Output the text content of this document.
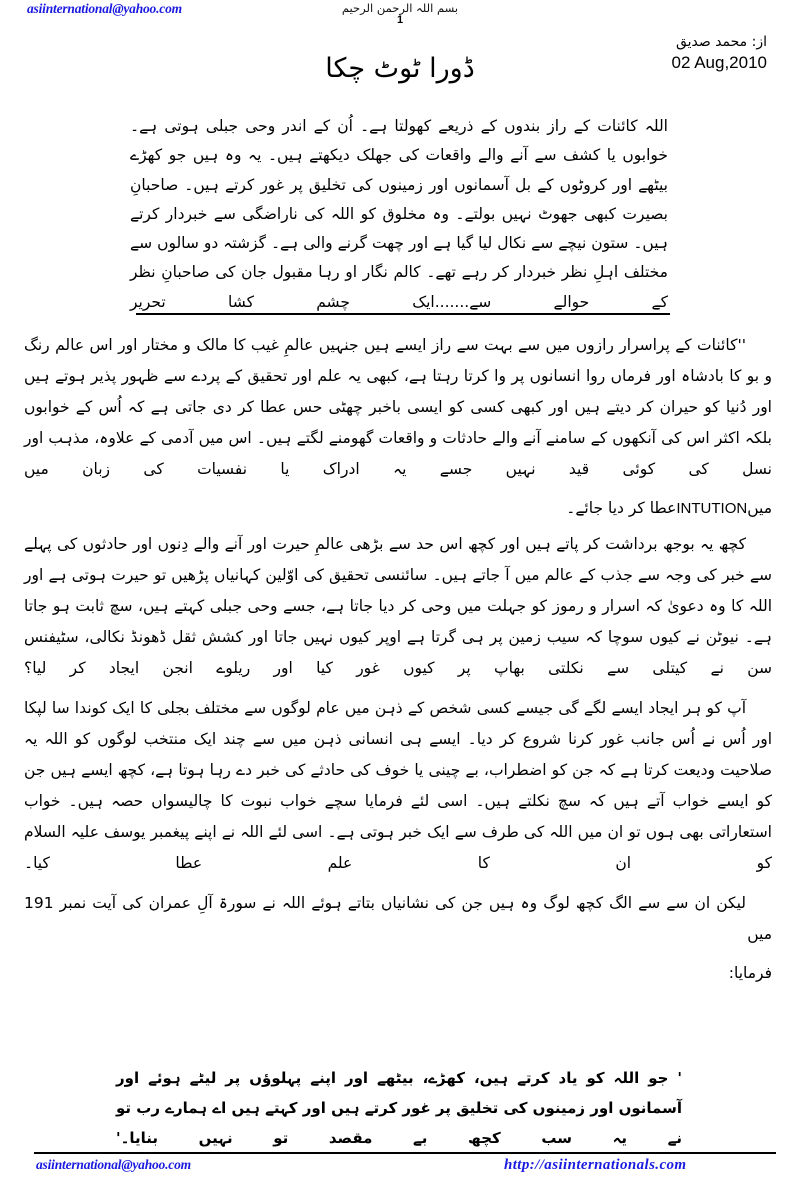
asiinternational@yahoo.com	بسم اللہ الرحمن الرحیم
1
از: محمد صدیق
02 Aug,2010
ڈورا ٹوٹ چکا
اللہ کائنات کے راز بندوں کے ذریعے کھولتا ہے۔ اُن کے اندر وحی جبلی ہوتی ہے۔ خوابوں یا کشف سے آنے والے واقعات کی جھلک دیکھتے ہیں۔ یہ وہ ہیں جو کھڑے بیٹھے اور کروٹوں کے بل آسمانوں اور زمینوں کی تخلیق پر غور کرتے ہیں۔ صاحبانِ بصیرت کبھی جھوٹ نہیں بولتے۔ وہ مخلوق کو اللہ کی ناراضگی سے خبردار کرتے ہیں۔ ستون نیچے سے نکال لیا گیا ہے اور چھت گرنے والی ہے۔ گزشتہ دو سالوں سے مختلف اہلِ نظر خبردار کر رہے تھے۔ کالم نگار او رہا مقبول جان کی صاحبانِ نظر کے حوالے سے.......ایک چشم کشا تحریر

''کائنات کے پراسرار رازوں میں سے بہت سے راز ایسے ہیں جنہیں عالمِ غیب کا مالک و مختار اور اس عالم رنگ و بو کا بادشاہ اور فرماں روا انسانوں پر وا کرتا رہتا ہے، کبھی یہ علم اور تحقیق کے پردے سے ظہور پذیر ہوتے ہیں اور دُنیا کو حیران کر دیتے ہیں اور کبھی کسی کو ایسی باخبر چھٹی حس عطا کر دی جاتی ہے کہ اُس کے خوابوں بلکہ اکثر اس کی آنکھوں کے سامنے آنے والے حادثات و واقعات گھومنے لگتے ہیں۔ اس میں آدمی کے علاوہ، مذہب اور نسل کی کوئی قید نہیں جسے یہ ادراک یا نفسیات کی زبان میں

میںINTUTIONعطا کر دیا جائے۔

کچھ یہ بوجھ برداشت کر پاتے ہیں اور کچھ اس حد سے بڑھی عالمِ حیرت اور آنے والے دِنوں اور حادثوں کی پہلے سے خبر کی وجہ سے جذب کے عالم میں آ جاتے ہیں۔ سائنسی تحقیق کی اوّلین کہانیاں پڑھیں تو حیرت ہوتی ہے اور اللہ کا وہ دعویٰ کہ اسرار و رموز کو جہلت میں وحی کر دیا جاتا ہے، جسے وحی جبلی کہتے ہیں، سچ ثابت ہو جاتا ہے۔ نیوٹن نے کیوں سوچا کہ سیب زمین پر ہی گرتا ہے اوپر کیوں نہیں جاتا اور کشش ثقل ڈھونڈ نکالی، سٹیفنس سن نے کیتلی سے نکلتی بھاپ پر کیوں غور کیا اور ریلوے انجن ایجاد کر لیا؟

آپ کو ہر ایجاد ایسے لگے گی جیسے کسی شخص کے ذہن میں عام لوگوں سے مختلف بجلی کا ایک کوندا سا لپکا اور اُس نے اُس جانب غور کرنا شروع کر دیا۔ ایسے ہی انسانی ذہن میں سے چند ایک منتخب لوگوں کو اللہ یہ صلاحیت ودیعت کرتا ہے کہ جن کو اضطراب، بے چینی یا خوف کی حادثے کی خبر دے رہا ہوتا ہے، کچھ ایسے ہیں جن کو ایسے خواب آتے ہیں کہ سچ نکلتے ہیں۔ اسی لئے فرمایا سچے خواب نبوت کا چالیسواں حصہ ہیں۔ خواب استعاراتی بھی ہوں تو ان میں اللہ کی طرف سے ایک خبر ہوتی ہے۔ اسی لئے اللہ نے اپنے پیغمبر یوسف علیہ السلام کو ان کا علم عطا کیا۔

لیکن ان سے سے الگ کچھ لوگ وہ ہیں جن کی نشانیاں بتاتے ہوئے اللہ نے سورۃ آلِ عمران کی آیت نمبر 191 میں

فرمایا:

' جو اللہ کو یاد کرتے ہیں، کھڑے، بیٹھے اور اپنے پہلوؤں پر لیٹے ہوئے اور آسمانوں اور زمینوں کی تخلیق پر غور کرتے ہیں اور کہتے ہیں اے ہمارے رب تو نے یہ سب کچھ بے مقصد تو نہیں بنایا۔'
asiinternational@yahoo.com	http://asiinternationals.com
